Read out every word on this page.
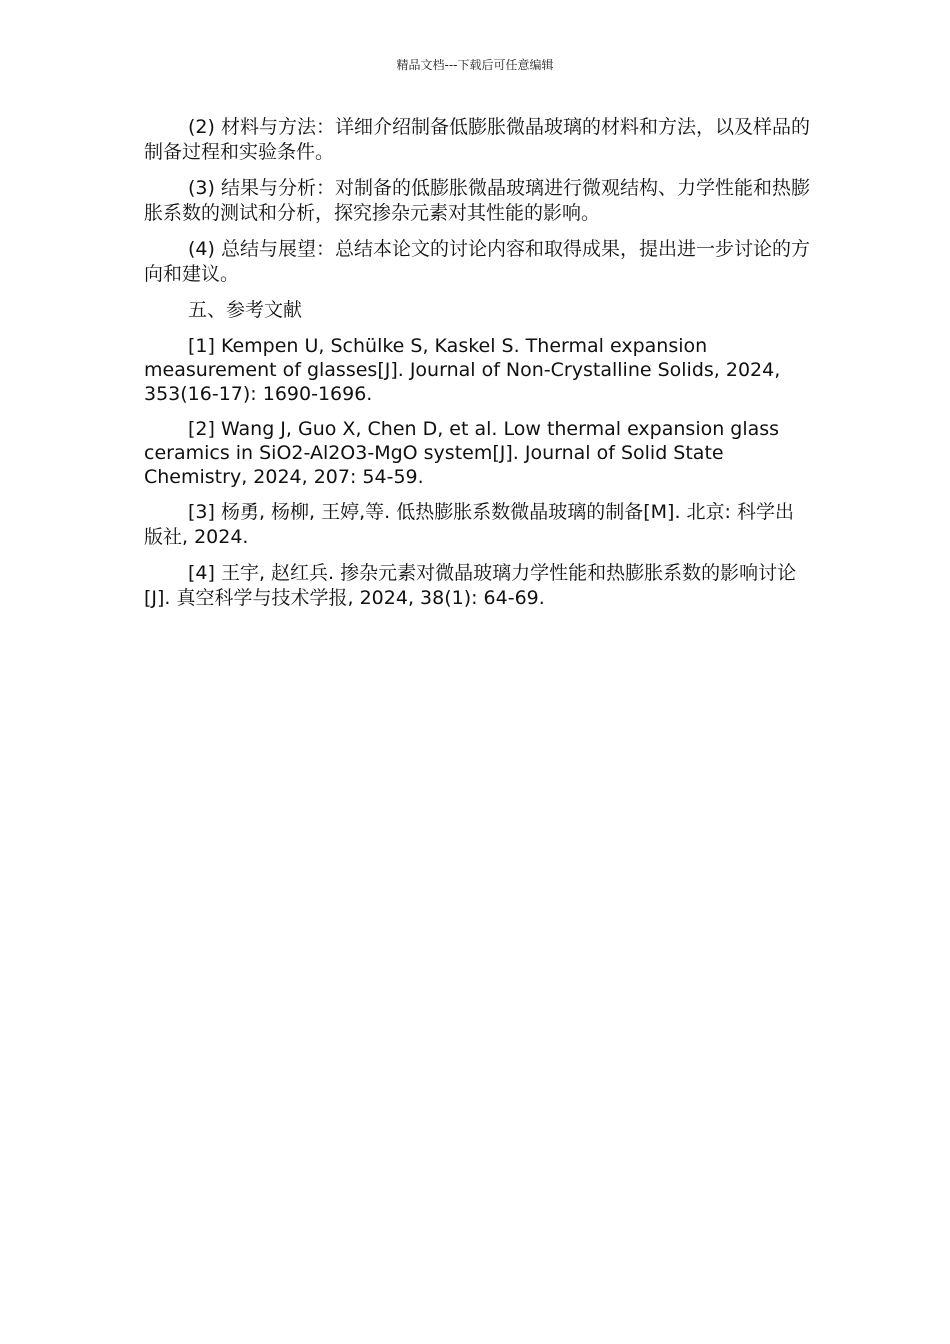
精品文档---下载后可任意编辑

(2) 材料与方法：详细介绍制备低膨胀微晶玻璃的材料和方法，以及样品的制备过程和实验条件。

(3) 结果与分析：对制备的低膨胀微晶玻璃进行微观结构、力学性能和热膨胀系数的测试和分析，探究掺杂元素对其性能的影响。

(4) 总结与展望：总结本论文的讨论内容和取得成果，提出进一步讨论的方向和建议。

五、参考文献

[1] Kempen U, Schülke S, Kaskel S. Thermal expansion measurement of glasses[J]. Journal of Non-Crystalline Solids, 2024, 353(16-17): 1690-1696.

[2] Wang J, Guo X, Chen D, et al. Low thermal expansion glass ceramics in SiO2-Al2O3-MgO system[J]. Journal of Solid State Chemistry, 2024, 207: 54-59.

[3] 杨勇, 杨柳, 王婷,等. 低热膨胀系数微晶玻璃的制备[M]. 北京: 科学出版社, 2024.

[4] 王宇, 赵红兵. 掺杂元素对微晶玻璃力学性能和热膨胀系数的影响讨论[J]. 真空科学与技术学报, 2024, 38(1): 64-69.
